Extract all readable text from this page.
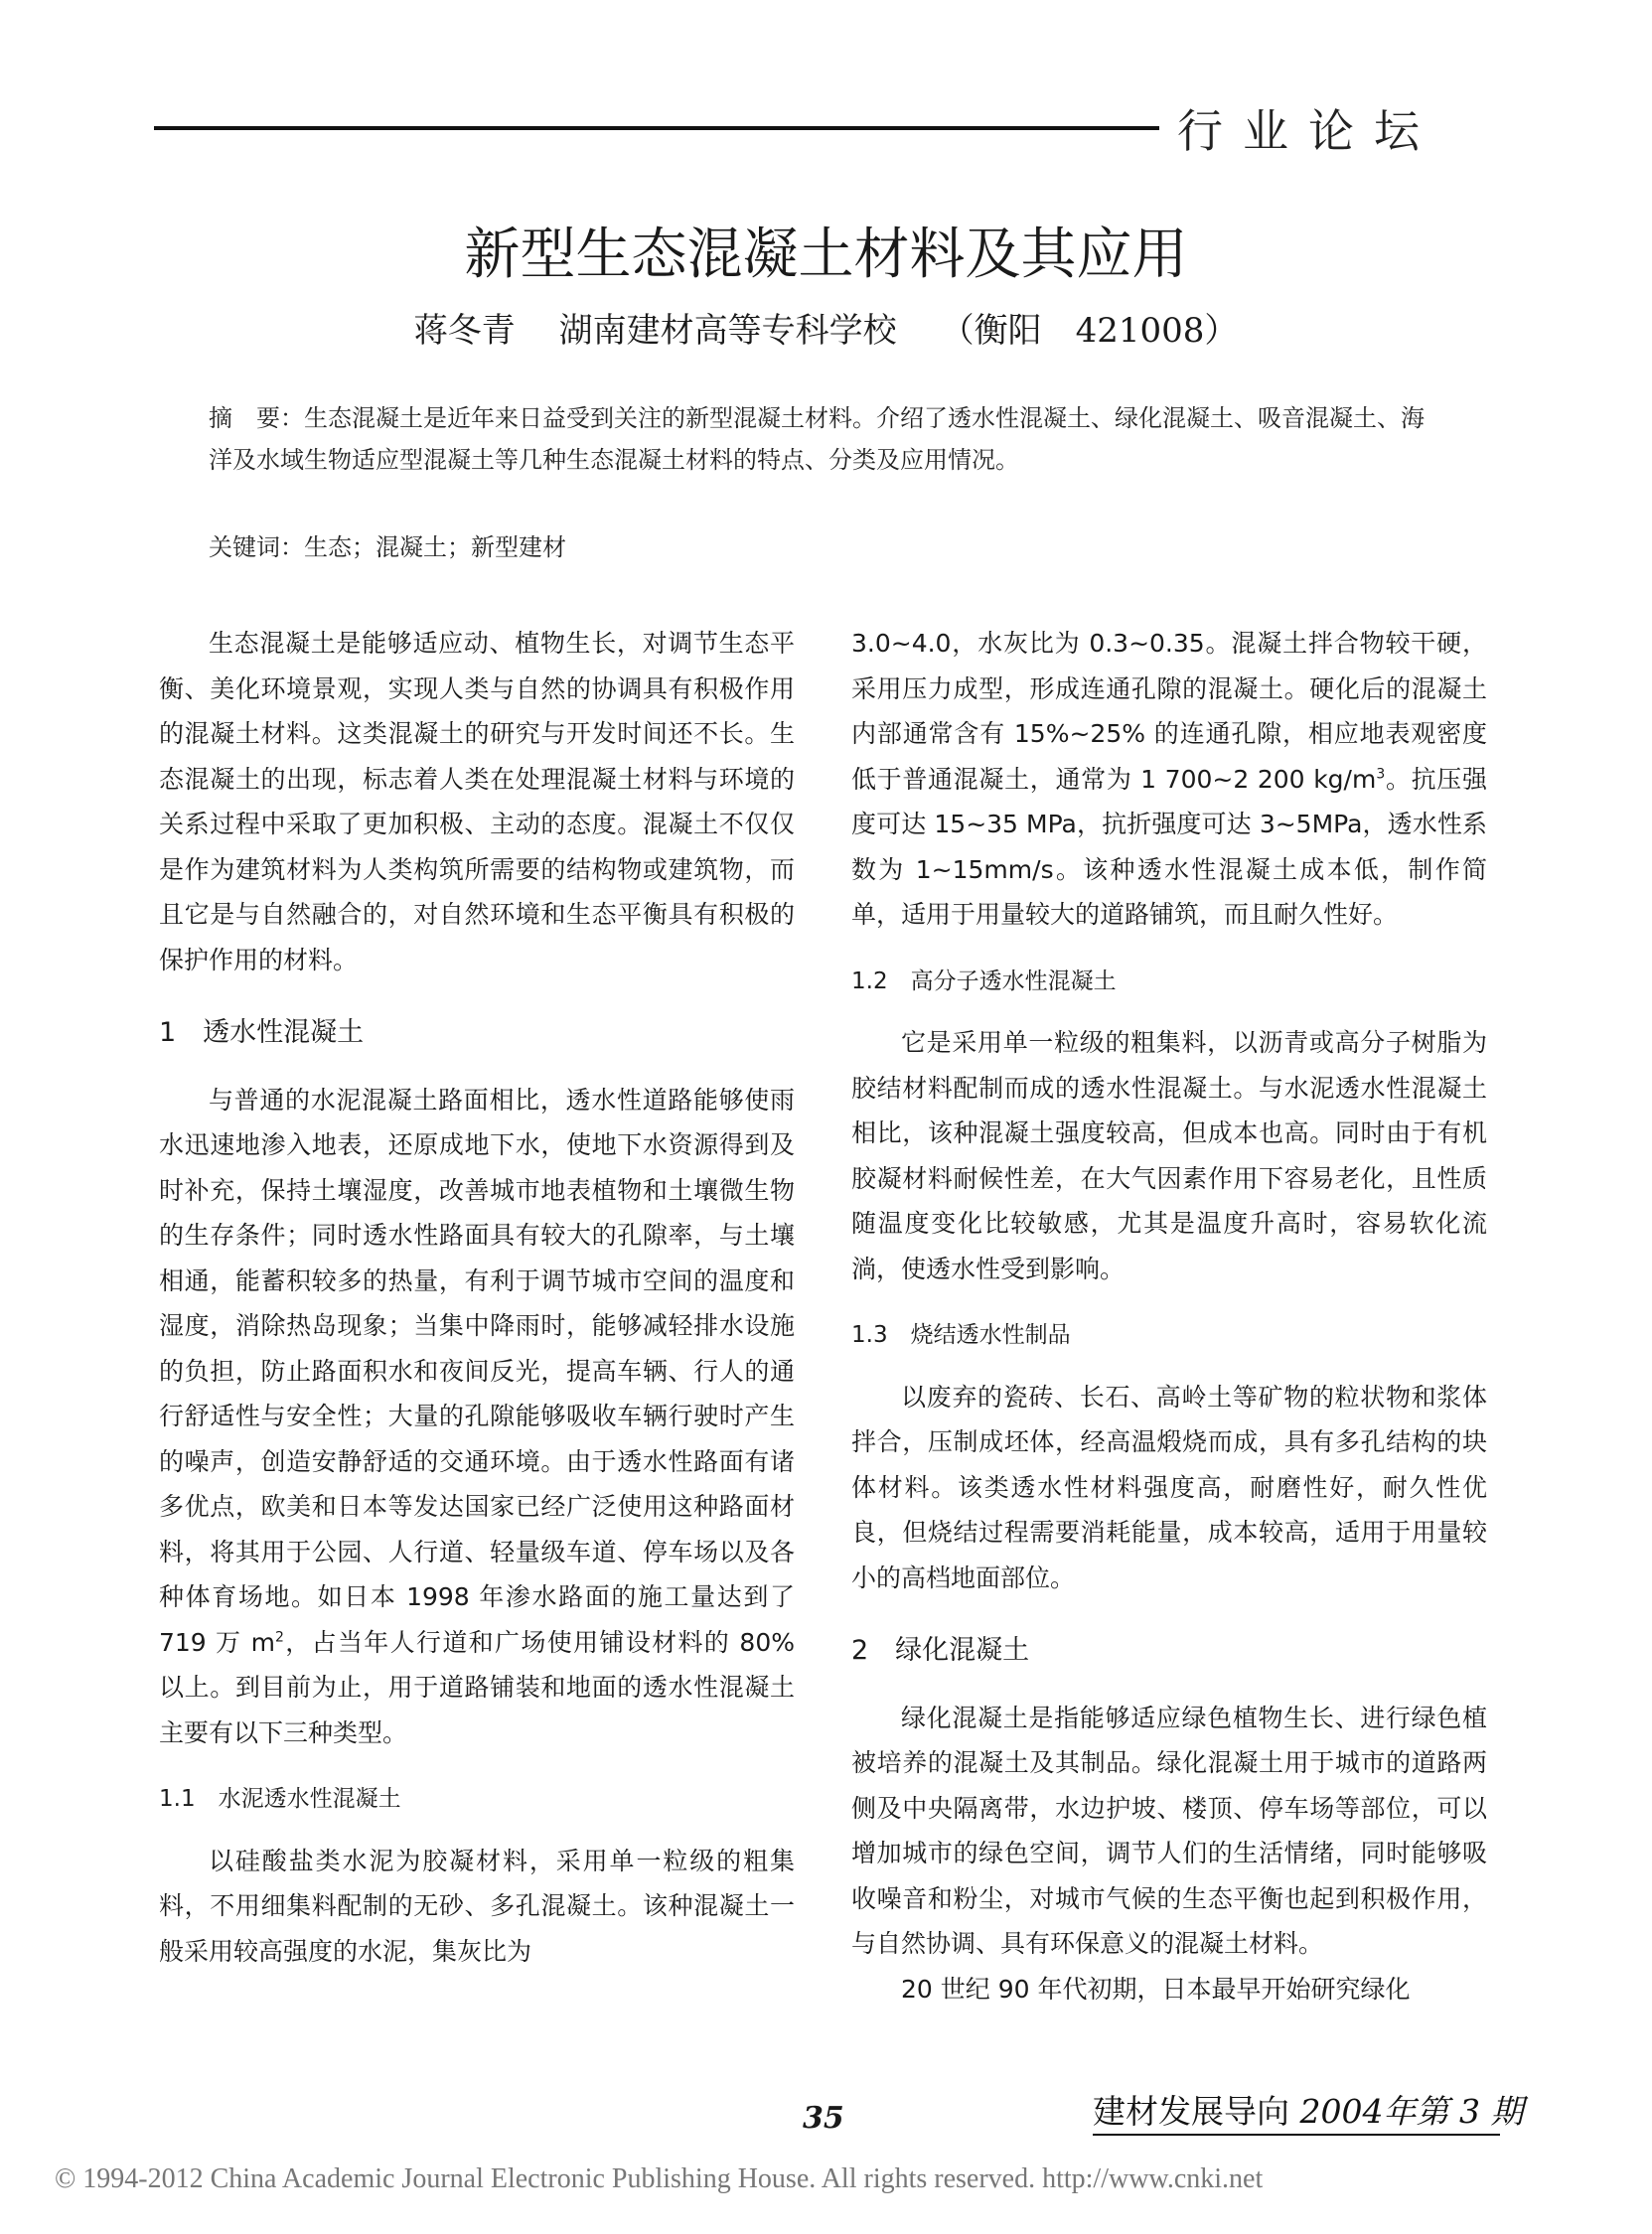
行业论坛
新型生态混凝土材料及其应用
蒋冬青 湖南建材高等专科学校 （衡阳　421008）
摘　要：生态混凝土是近年来日益受到关注的新型混凝土材料。介绍了透水性混凝土、绿化混凝土、吸音混凝土、海洋及水域生物适应型混凝土等几种生态混凝土材料的特点、分类及应用情况。
关键词：生态；混凝土；新型建材

生态混凝土是能够适应动、植物生长，对调节生态平衡、美化环境景观，实现人类与自然的协调具有积极作用的混凝土材料。这类混凝土的研究与开发时间还不长。生态混凝土的出现，标志着人类在处理混凝土材料与环境的关系过程中采取了更加积极、主动的态度。混凝土不仅仅是作为建筑材料为人类构筑所需要的结构物或建筑物，而且它是与自然融合的，对自然环境和生态平衡具有积极的保护作用的材料。

1　透水性混凝土

与普通的水泥混凝土路面相比，透水性道路能够使雨水迅速地渗入地表，还原成地下水，使地下水资源得到及时补充，保持土壤湿度，改善城市地表植物和土壤微生物的生存条件；同时透水性路面具有较大的孔隙率，与土壤相通，能蓄积较多的热量，有利于调节城市空间的温度和湿度，消除热岛现象；当集中降雨时，能够减轻排水设施的负担，防止路面积水和夜间反光，提高车辆、行人的通行舒适性与安全性；大量的孔隙能够吸收车辆行驶时产生的噪声，创造安静舒适的交通环境。由于透水性路面有诸多优点，欧美和日本等发达国家已经广泛使用这种路面材料，将其用于公园、人行道、轻量级车道、停车场以及各种体育场地。如日本 1998 年渗水路面的施工量达到了 719 万 $m^2$，占当年人行道和广场使用铺设材料的 80% 以上。到目前为止，用于道路铺装和地面的透水性混凝土主要有以下三种类型。

1.1　水泥透水性混凝土

以硅酸盐类水泥为胶凝材料，采用单一粒级的粗集料，不用细集料配制的无砂、多孔混凝土。该种混凝土一般采用较高强度的水泥，集灰比为

3.0~4.0，水灰比为 0.3~0.35。混凝土拌合物较干硬，采用压力成型，形成连通孔隙的混凝土。硬化后的混凝土内部通常含有 15%~25% 的连通孔隙，相应地表观密度低于普通混凝土，通常为 1 700~2 200 $kg/m^3$。抗压强度可达 15~35 MPa，抗折强度可达 3~5MPa，透水性系数为 1~15mm/s。该种透水性混凝土成本低，制作简单，适用于用量较大的道路铺筑，而且耐久性好。

1.2　高分子透水性混凝土

它是采用单一粒级的粗集料，以沥青或高分子树脂为胶结材料配制而成的透水性混凝土。与水泥透水性混凝土相比，该种混凝土强度较高，但成本也高。同时由于有机胶凝材料耐候性差，在大气因素作用下容易老化，且性质随温度变化比较敏感，尤其是温度升高时，容易软化流淌，使透水性受到影响。

1.3　烧结透水性制品

以废弃的瓷砖、长石、高岭土等矿物的粒状物和浆体拌合，压制成坯体，经高温煅烧而成，具有多孔结构的块体材料。该类透水性材料强度高，耐磨性好，耐久性优良，但烧结过程需要消耗能量，成本较高，适用于用量较小的高档地面部位。

2　绿化混凝土

绿化混凝土是指能够适应绿色植物生长、进行绿色植被培养的混凝土及其制品。绿化混凝土用于城市的道路两侧及中央隔离带，水边护坡、楼顶、停车场等部位，可以增加城市的绿色空间，调节人们的生活情绪，同时能够吸收噪音和粉尘，对城市气候的生态平衡也起到积极作用，与自然协调、具有环保意义的混凝土材料。

20 世纪 90 年代初期，日本最早开始研究绿化

35	建材发展导向 2004年第 3 期
© 1994-2012 China Academic Journal Electronic Publishing House. All rights reserved. http://www.cnki.net
